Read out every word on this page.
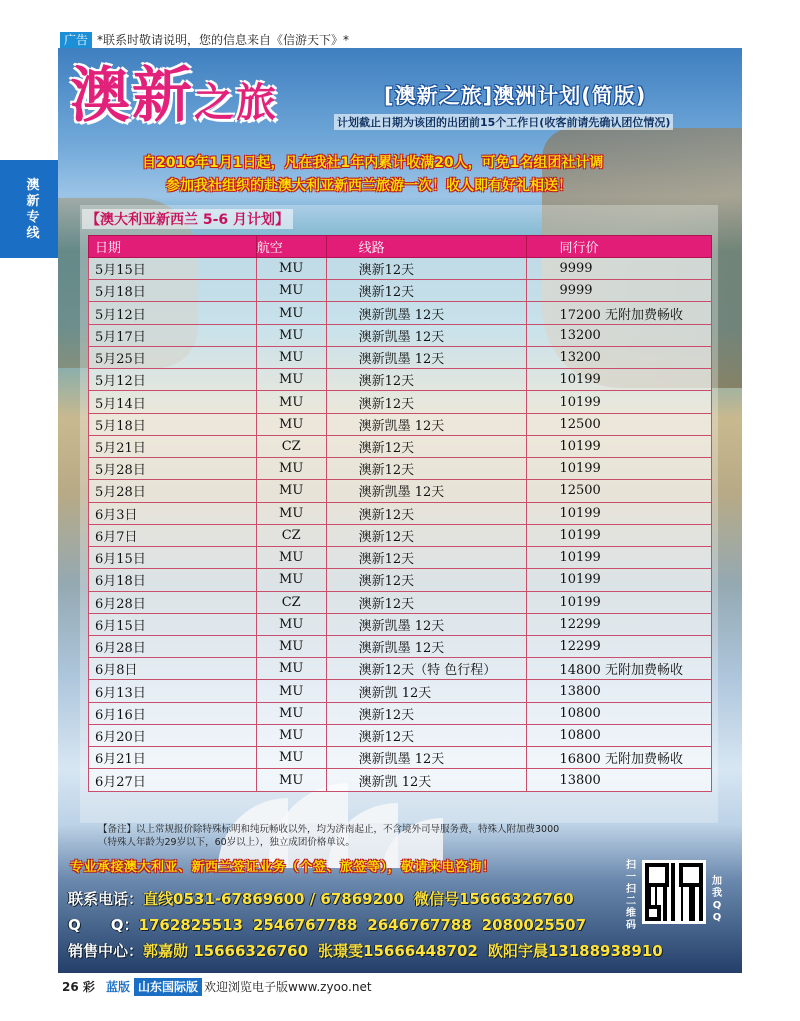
广告 *联系时敬请说明，您的信息来自《信游天下》*
澳新专线
澳新之旅	[澳新之旅]澳洲计划(简版)
计划截止日期为该团的出团前15个工作日(收客前请先确认团位情况)
自2016年1月1日起，凡在我社1年内累计收满20人，可免1名组团社计调
参加我社组织的赴澳大利亚新西兰旅游一次！收人即有好礼相送！
【澳大利亚新西兰 5-6 月计划】
日期	航空	线路	同行价
5月15日	MU	澳新12天	9999
5月18日	MU	澳新12天	9999
5月12日	MU	澳新凯墨 12天	17200 无附加费畅收
5月17日	MU	澳新凯墨 12天	13200
5月25日	MU	澳新凯墨 12天	13200
5月12日	MU	澳新12天	10199
5月14日	MU	澳新12天	10199
5月18日	MU	澳新凯墨 12天	12500
5月21日	CZ	澳新12天	10199
5月28日	MU	澳新12天	10199
5月28日	MU	澳新凯墨 12天	12500
6月3日	MU	澳新12天	10199
6月7日	CZ	澳新12天	10199
6月15日	MU	澳新12天	10199
6月18日	MU	澳新12天	10199
6月28日	CZ	澳新12天	10199
6月15日	MU	澳新凯墨 12天	12299
6月28日	MU	澳新凯墨 12天	12299
6月8日	MU	澳新12天（特 色行程）	14800 无附加费畅收
6月13日	MU	澳新凯 12天	13800
6月16日	MU	澳新12天	10800
6月20日	MU	澳新12天	10800
6月21日	MU	澳新凯墨 12天	16800 无附加费畅收
6月27日	MU	澳新凯 12天	13800
【备注】以上常规报价除特殊标明和纯玩畅收以外，均为济南起止，不含境外司导服务费，特殊人附加费3000
（特殊人年龄为29岁以下，60岁以上），独立成团价格单议。
专业承接澳大利亚、新西兰签证业务（个签、旅签等），敬请来电咨询！
联系电话：直线0531-67869600 / 67869200 微信号15666326760
Q　　Q：1762825513 2546767788 2646767788 2080025507
销售中心：郭嘉勋 15666326760 张璟雯15666448702 欧阳宇晨13188938910
扫一扫二维码
加我QQ
26 彩 蓝版 山东国际版 欢迎浏览电子版www.zyoo.net
